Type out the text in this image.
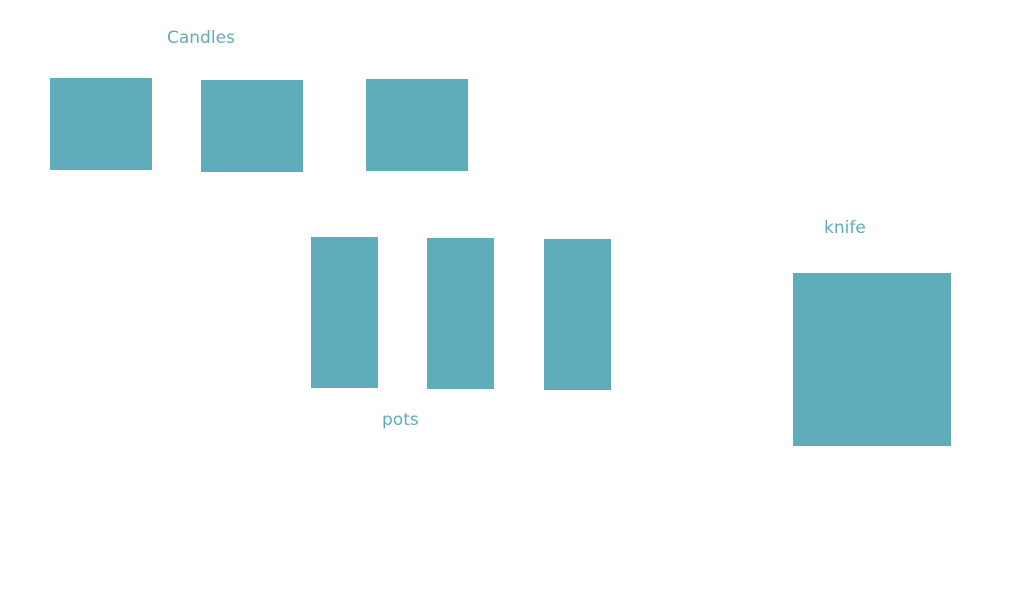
Candles
pots
knife
